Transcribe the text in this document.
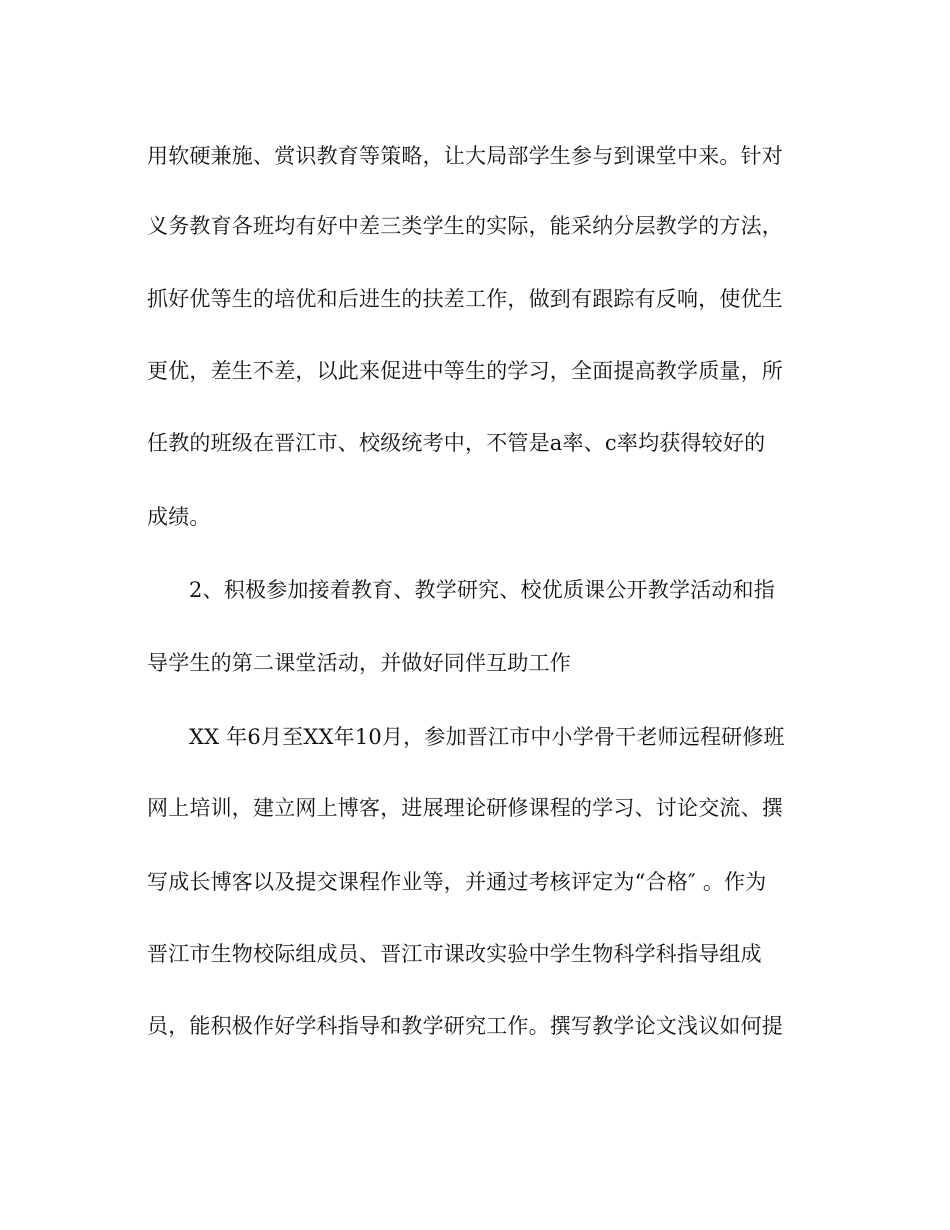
用软硬兼施、赏识教育等策略，让大局部学生参与到课堂中来。针对
义务教育各班均有好中差三类学生的实际，能采纳分层教学的方法，
抓好优等生的培优和后进生的扶差工作，做到有跟踪有反响，使优生
更优，差生不差，以此来促进中等生的学习，全面提高教学质量，所
任教的班级在晋江市、校级统考中，不管是a率、c率均获得较好的
成绩。
2、积极参加接着教育、教学研究、校优质课公开教学活动和指
导学生的第二课堂活动，并做好同伴互助工作
XX 年6月至XX年10月，参加晋江市中小学骨干老师远程研修班
网上培训，建立网上博客，进展理论研修课程的学习、讨论交流、撰
写成长博客以及提交课程作业等，并通过考核评定为“合格″ 。作为
晋江市生物校际组成员、晋江市课改实验中学生物科学科指导组成
员，能积极作好学科指导和教学研究工作。撰写教学论文浅议如何提
